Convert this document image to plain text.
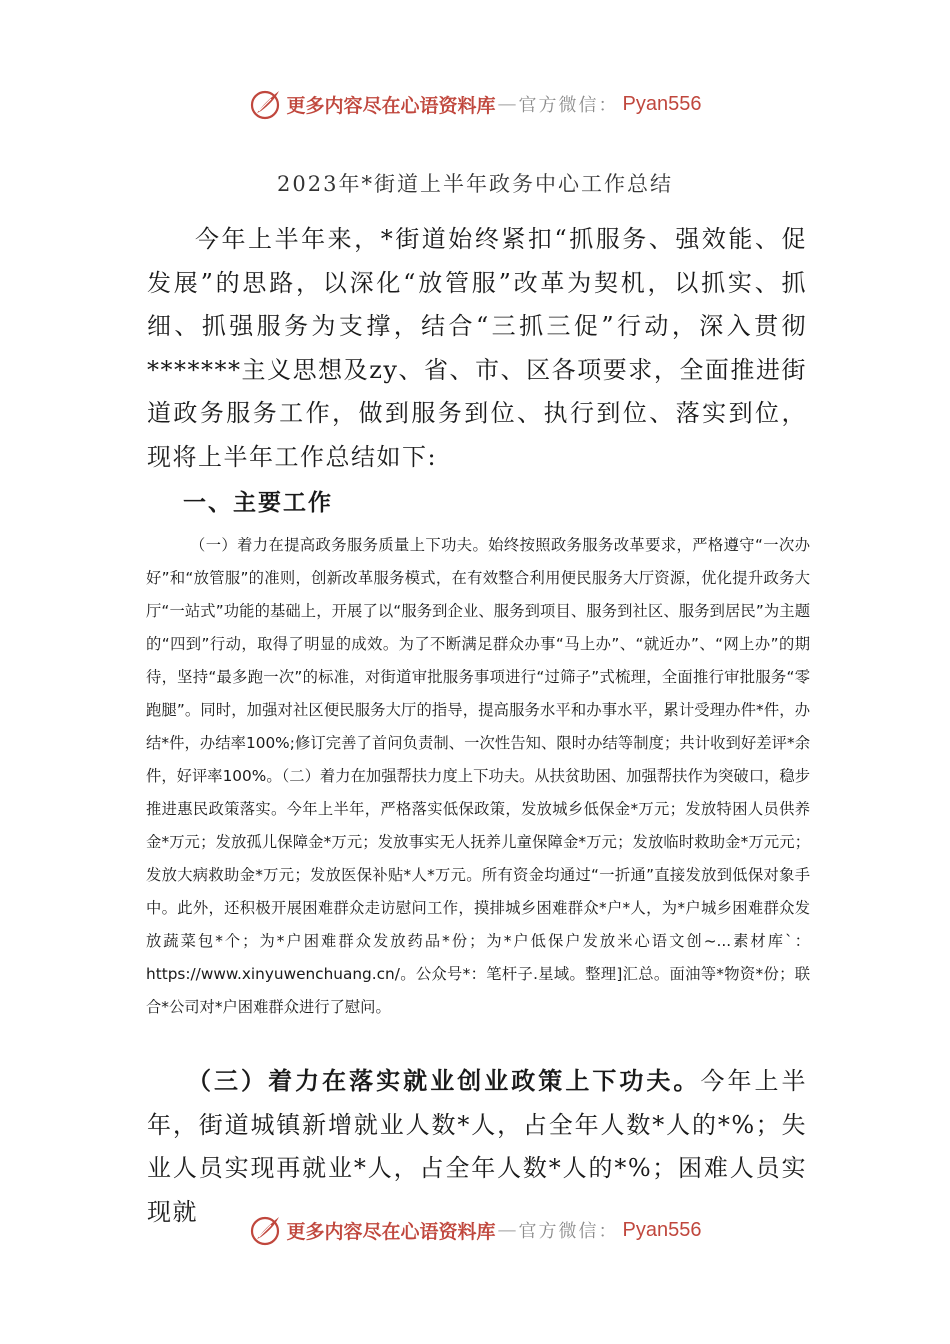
更多内容尽在心语资料库 — 官方微信： Pyan556
2023年*街道上半年政务中心工作总结

今年上半年来，*街道始终紧扣“抓服务、强效能、促发展”的思路，以深化“放管服”改革为契机，以抓实、抓细、抓强服务为支撑，结合“三抓三促”行动，深入贯彻*******主义思想及zy、省、市、区各项要求，全面推进街道政务服务工作，做到服务到位、执行到位、落实到位，现将上半年工作总结如下:

一、主要工作

（一）着力在提高政务服务质量上下功夫。始终按照政务服务改革要求，严格遵守“一次办好”和“放管服”的准则，创新改革服务模式，在有效整合利用便民服务大厅资源，优化提升政务大厅“一站式”功能的基础上，开展了以“服务到企业、服务到项目、服务到社区、服务到居民”为主题的“四到”行动，取得了明显的成效。为了不断满足群众办事“马上办”、“就近办”、“网上办”的期待，坚持“最多跑一次”的标准，对街道审批服务事项进行“过筛子”式梳理，全面推行审批服务“零跑腿”。同时，加强对社区便民服务大厅的指导，提高服务水平和办事水平，累计受理办件*件，办结*件，办结率100%;修订完善了首问负责制、一次性告知、限时办结等制度；共计收到好差评*余件，好评率100%。（二）着力在加强帮扶力度上下功夫。从扶贫助困、加强帮扶作为突破口，稳步推进惠民政策落实。今年上半年，严格落实低保政策，发放城乡低保金*万元；发放特困人员供养金*万元；发放孤儿保障金*万元；发放事实无人抚养儿童保障金*万元；发放临时救助金*万元元；发放大病救助金*万元；发放医保补贴*人*万元。所有资金均通过“一折通”直接发放到低保对象手中。此外，还积极开展困难群众走访慰问工作，摸排城乡困难群众*户*人，为*户城乡困难群众发放蔬菜包*个；为*户困难群众发放药品*份；为*户低保户发放米心语文创~...素材库`：https://www.xinyuwenchuang.cn/。公众号*：笔杆子.星域。整理]汇总。面油等*物资*份；联合*公司对*户困难群众进行了慰问。

（三）着力在落实就业创业政策上下功夫。今年上半年，街道城镇新增就业人数*人，占全年人数*人的*%；失业人员实现再就业*人，占全年人数*人的*%；困难人员实现就

更多内容尽在心语资料库 — 官方微信： Pyan556
